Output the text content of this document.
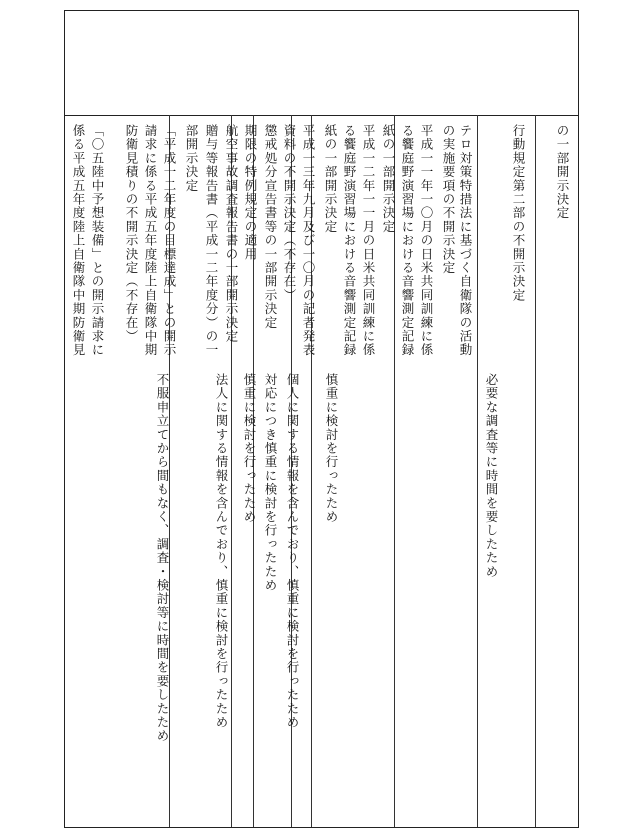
の一部開示決定
行動規定第二部の不開示決定
テロ対策特措法に基づく自衛隊の活動
の実施要項の不開示決定
必要な調査等に時間を要したため
平成一一年一〇月の日米共同訓練に係
る饗庭野演習場における音響測定記録
紙の一部開示決定
平成一二年一一月の日米共同訓練に係
る饗庭野演習場における音響測定記録
紙の一部開示決定
平成一三年九月及び一〇月の記者発表
資料の不開示決定（不存在）
慎重に検討を行ったため
懲戒処分宣告書等の一部開示決定
個人に関する情報を含んでおり、慎重に検討を行ったため
期限の特例規定の適用
対応につき慎重に検討を行ったため
航空事故調査報告書の一部開示決定
慎重に検討を行ったため
贈与等報告書（平成一二年度分）の一
部開示決定
法人に関する情報を含んでおり、慎重に検討を行ったため
「平成一二年度の目標達成」との開示
請求に係る平成五年度陸上自衛隊中期
防衛見積りの不開示決定（不存在）
不服申立てから間もなく、調査・検討等に時間を要したため
「〇五陸中予想装備」との開示請求に
係る平成五年度陸上自衛隊中期防衛見
